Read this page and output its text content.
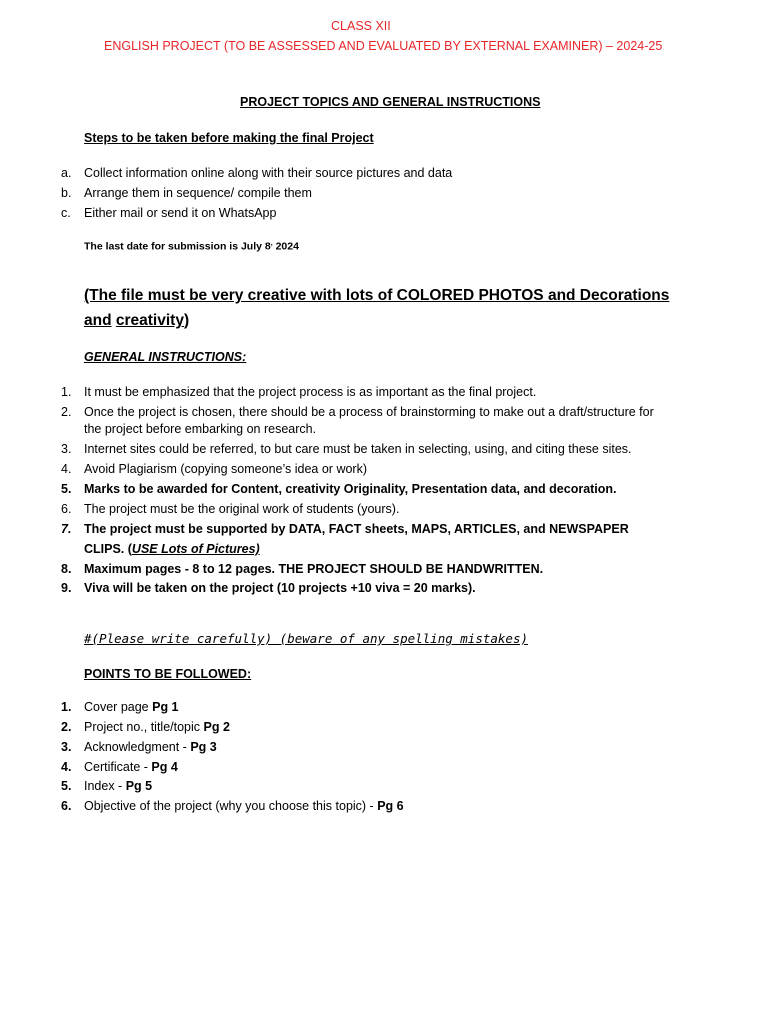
CLASS XII
ENGLISH PROJECT (TO BE ASSESSED AND EVALUATED BY EXTERNAL EXAMINER) – 2024-25
PROJECT TOPICS AND GENERAL INSTRUCTIONS
Steps to be taken before making the final Project
a. Collect information online along with their source pictures and data
b. Arrange them in sequence/ compile them
c. Either mail or send it on WhatsApp
The last date for submission is July 8, 2024
(The file must be very creative with lots of COLORED PHOTOS and Decorations
and creativity)
GENERAL INSTRUCTIONS:
1. It must be emphasized that the project process is as important as the final project.
2. Once the project is chosen, there should be a process of brainstorming to make out a draft/structure for
the project before embarking on research.
3. Internet sites could be referred, to but care must be taken in selecting, using, and citing these sites.
4. Avoid Plagiarism (copying someone’s idea or work)
5. Marks to be awarded for Content, creativity Originality, Presentation data, and decoration.
6. The project must be the original work of students (yours).
7. The project must be supported by DATA, FACT sheets, MAPS, ARTICLES, and NEWSPAPER
CLIPS. (USE Lots of Pictures)
8. Maximum pages - 8 to 12 pages. THE PROJECT SHOULD BE HANDWRITTEN.
9. Viva will be taken on the project (10 projects +10 viva = 20 marks).
#(Please write carefully) (beware of any spelling mistakes)
POINTS TO BE FOLLOWED:
1. Cover page Pg 1
2. Project no., title/topic Pg 2
3. Acknowledgment - Pg 3
4. Certificate - Pg 4
5. Index - Pg 5
6. Objective of the project (why you choose this topic) - Pg 6
